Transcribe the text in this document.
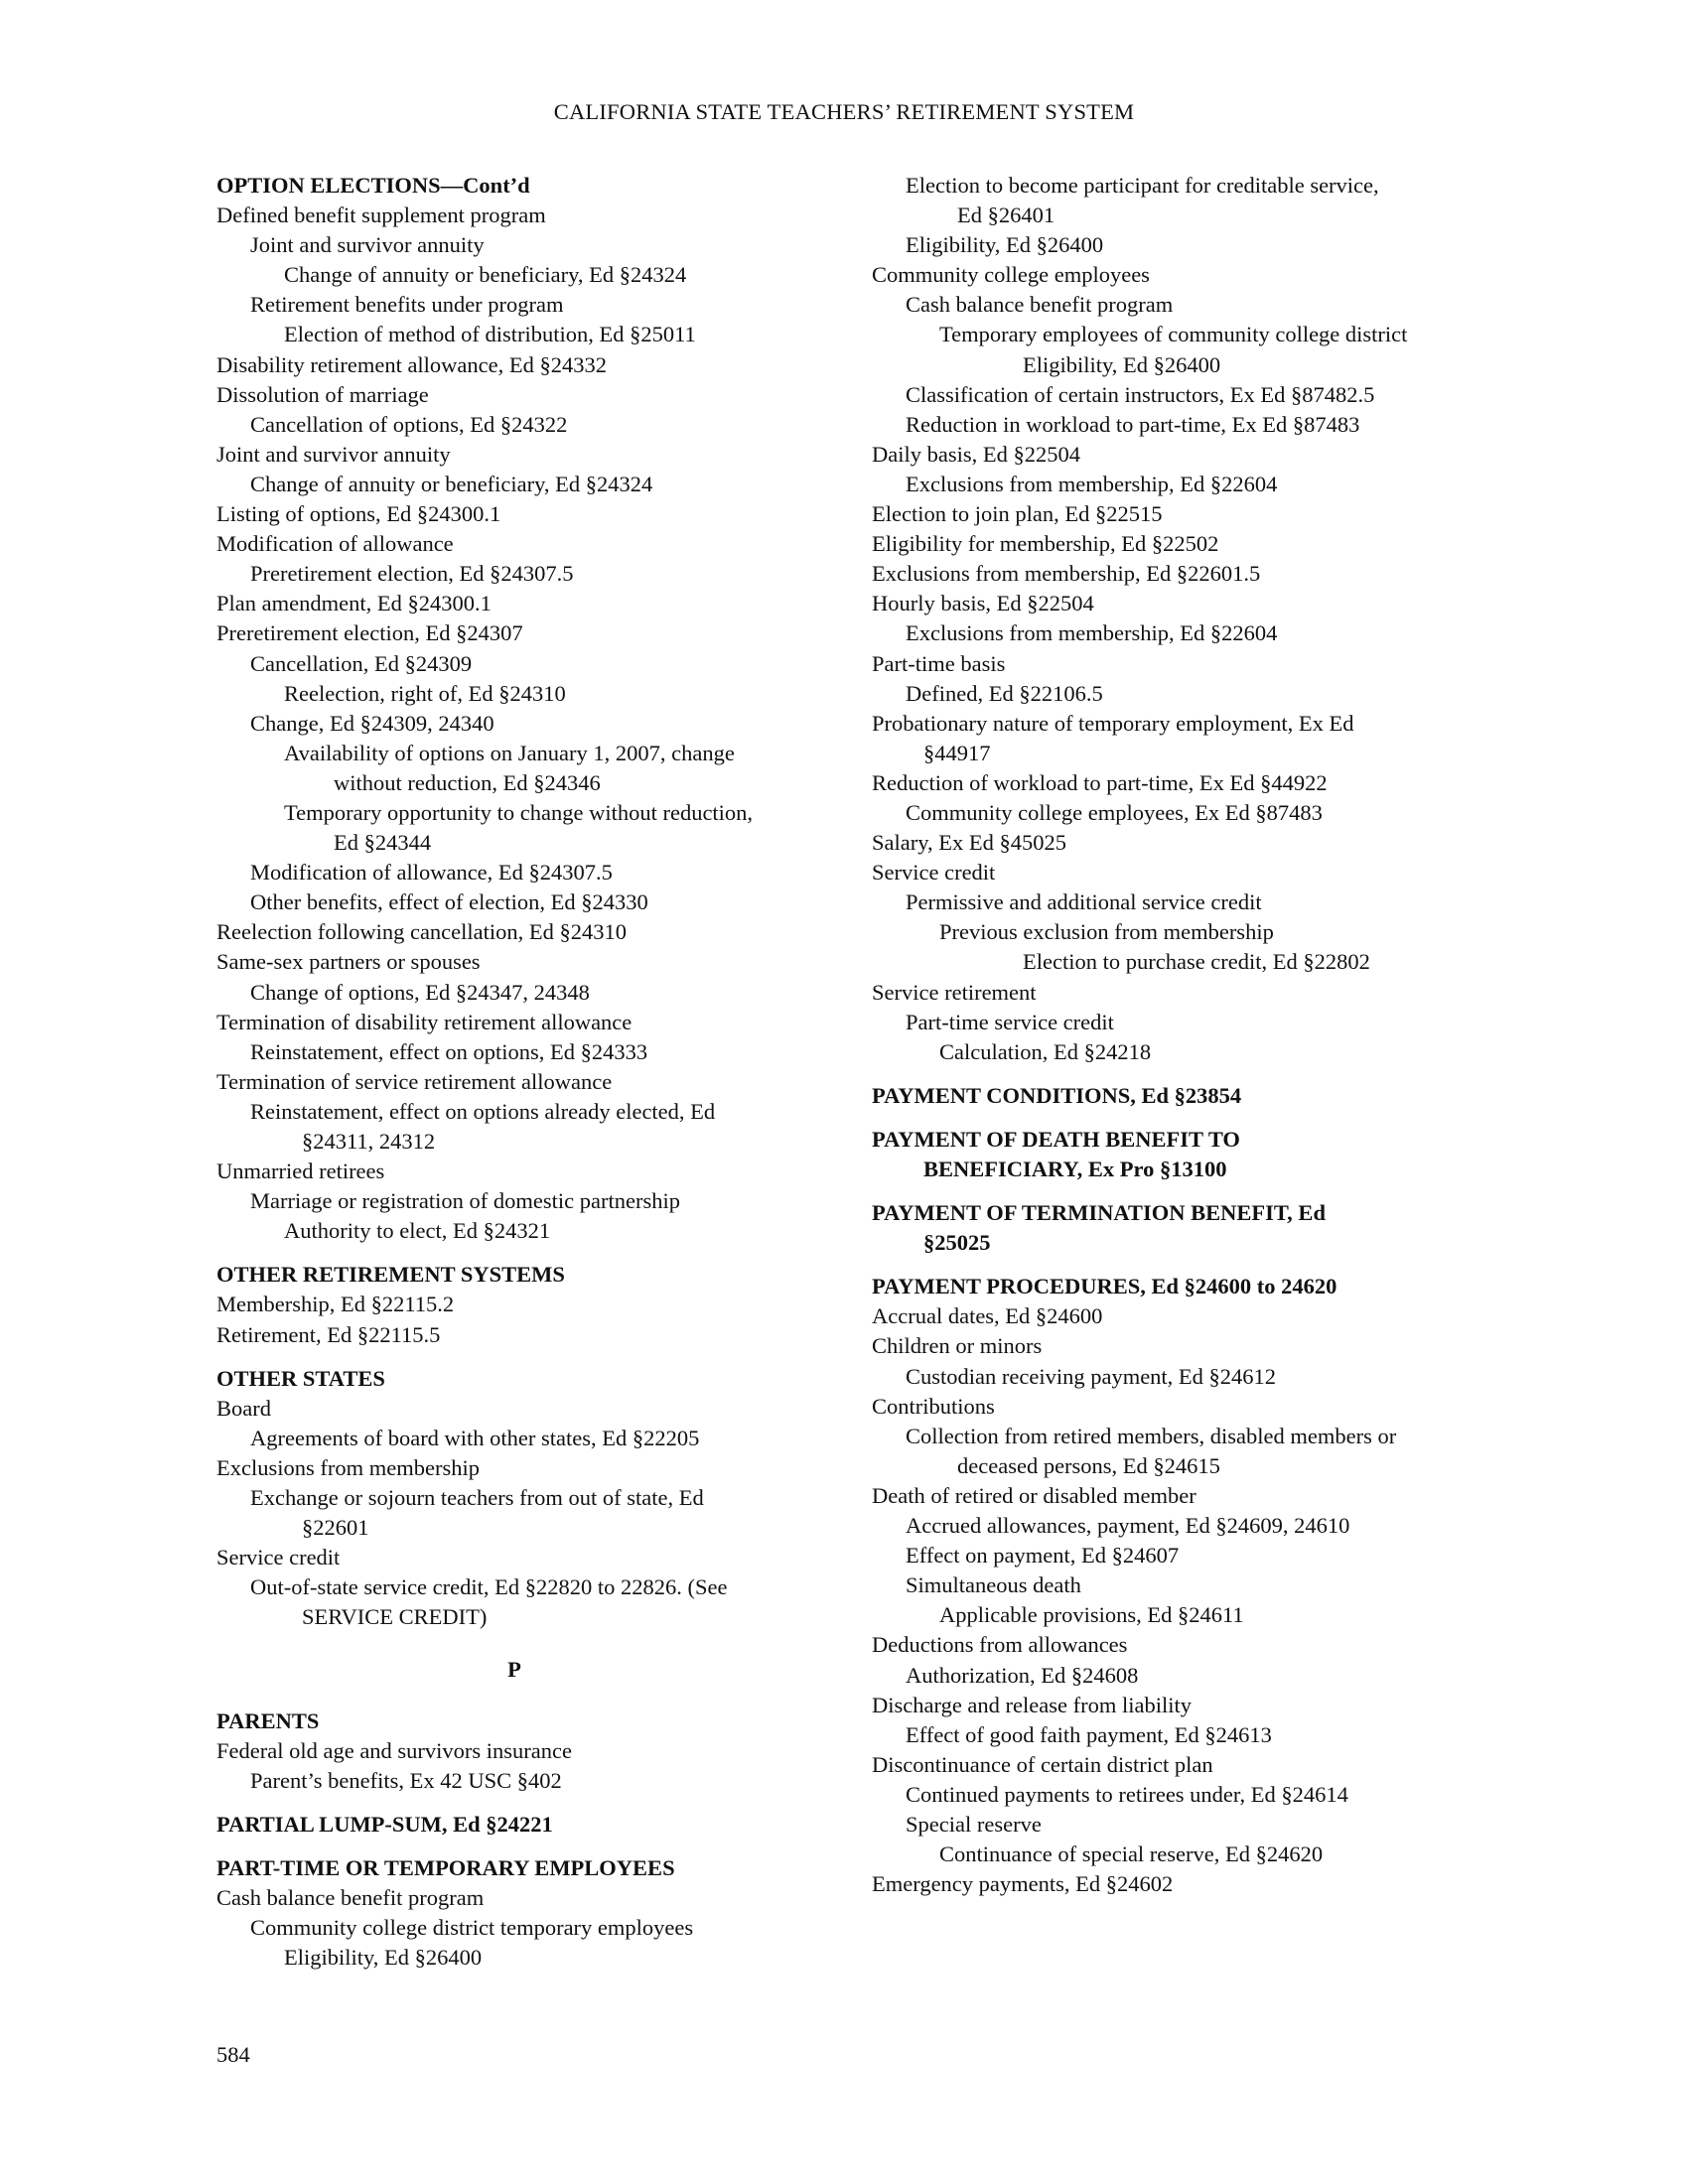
CALIFORNIA STATE TEACHERS’ RETIREMENT SYSTEM
OPTION ELECTIONS—Cont’d
Defined benefit supplement program
Joint and survivor annuity
Change of annuity or beneficiary, Ed §24324
Retirement benefits under program
Election of method of distribution, Ed §25011
Disability retirement allowance, Ed §24332
Dissolution of marriage
Cancellation of options, Ed §24322
Joint and survivor annuity
Change of annuity or beneficiary, Ed §24324
Listing of options, Ed §24300.1
Modification of allowance
Preretirement election, Ed §24307.5
Plan amendment, Ed §24300.1
Preretirement election, Ed §24307
Cancellation, Ed §24309
Reelection, right of, Ed §24310
Change, Ed §24309, 24340
Availability of options on January 1, 2007, change
without reduction, Ed §24346
Temporary opportunity to change without reduction,
Ed §24344
Modification of allowance, Ed §24307.5
Other benefits, effect of election, Ed §24330
Reelection following cancellation, Ed §24310
Same-sex partners or spouses
Change of options, Ed §24347, 24348
Termination of disability retirement allowance
Reinstatement, effect on options, Ed §24333
Termination of service retirement allowance
Reinstatement, effect on options already elected, Ed
§24311, 24312
Unmarried retirees
Marriage or registration of domestic partnership
Authority to elect, Ed §24321
OTHER RETIREMENT SYSTEMS
Membership, Ed §22115.2
Retirement, Ed §22115.5
OTHER STATES
Board
Agreements of board with other states, Ed §22205
Exclusions from membership
Exchange or sojourn teachers from out of state, Ed
§22601
Service credit
Out-of-state service credit, Ed §22820 to 22826. (See
SERVICE CREDIT)
P
PARENTS
Federal old age and survivors insurance
Parent’s benefits, Ex 42 USC §402
PARTIAL LUMP-SUM, Ed §24221
PART-TIME OR TEMPORARY EMPLOYEES
Cash balance benefit program
Community college district temporary employees
Eligibility, Ed §26400
Election to become participant for creditable service,
Ed §26401
Eligibility, Ed §26400
Community college employees
Cash balance benefit program
Temporary employees of community college district
Eligibility, Ed §26400
Classification of certain instructors, Ex Ed §87482.5
Reduction in workload to part-time, Ex Ed §87483
Daily basis, Ed §22504
Exclusions from membership, Ed §22604
Election to join plan, Ed §22515
Eligibility for membership, Ed §22502
Exclusions from membership, Ed §22601.5
Hourly basis, Ed §22504
Exclusions from membership, Ed §22604
Part-time basis
Defined, Ed §22106.5
Probationary nature of temporary employment, Ex Ed
§44917
Reduction of workload to part-time, Ex Ed §44922
Community college employees, Ex Ed §87483
Salary, Ex Ed §45025
Service credit
Permissive and additional service credit
Previous exclusion from membership
Election to purchase credit, Ed §22802
Service retirement
Part-time service credit
Calculation, Ed §24218
PAYMENT CONDITIONS, Ed §23854
PAYMENT OF DEATH BENEFIT TO
BENEFICIARY, Ex Pro §13100
PAYMENT OF TERMINATION BENEFIT, Ed
§25025
PAYMENT PROCEDURES, Ed §24600 to 24620
Accrual dates, Ed §24600
Children or minors
Custodian receiving payment, Ed §24612
Contributions
Collection from retired members, disabled members or
deceased persons, Ed §24615
Death of retired or disabled member
Accrued allowances, payment, Ed §24609, 24610
Effect on payment, Ed §24607
Simultaneous death
Applicable provisions, Ed §24611
Deductions from allowances
Authorization, Ed §24608
Discharge and release from liability
Effect of good faith payment, Ed §24613
Discontinuance of certain district plan
Continued payments to retirees under, Ed §24614
Special reserve
Continuance of special reserve, Ed §24620
Emergency payments, Ed §24602
584
